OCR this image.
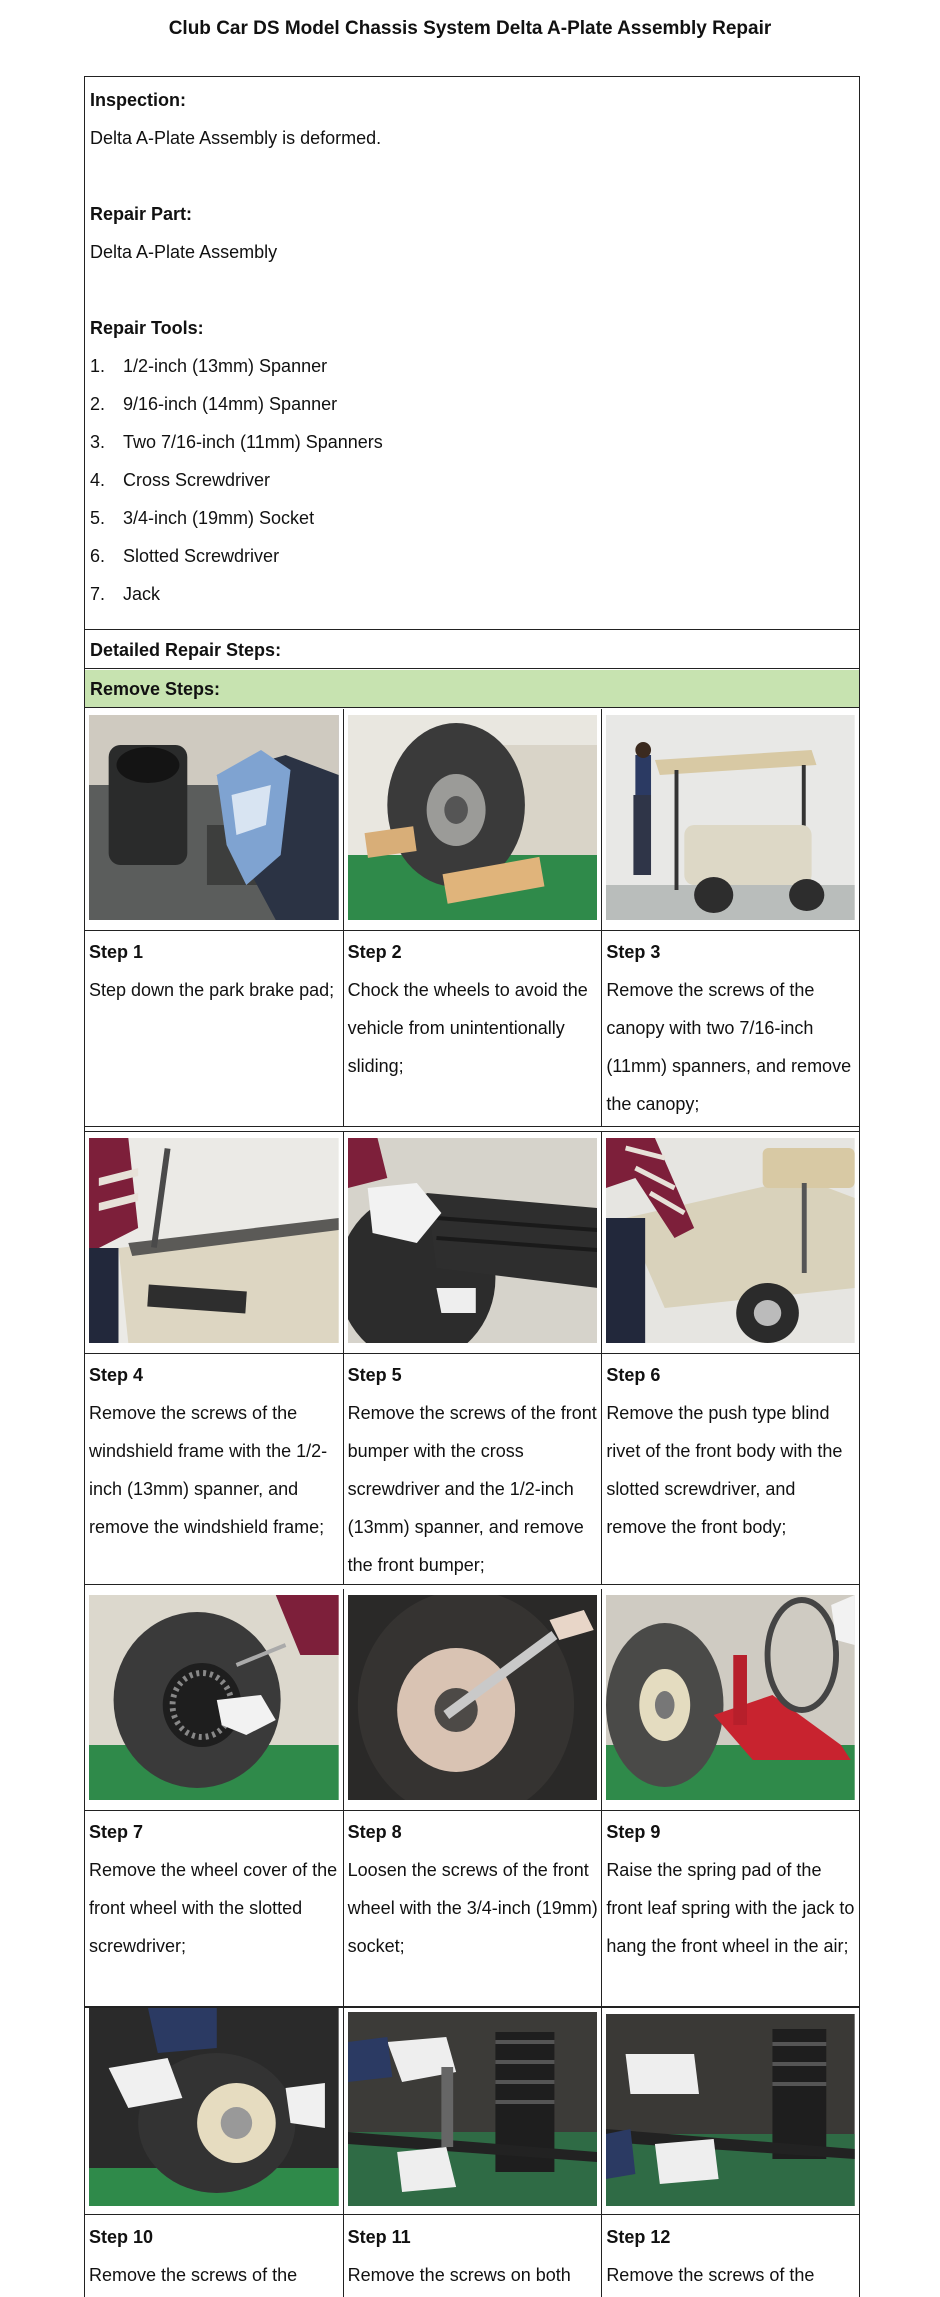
Club Car DS Model Chassis System Delta A-Plate Assembly Repair
Inspection:
Delta A-Plate Assembly is deformed.
Repair Part:
Delta A-Plate Assembly
Repair Tools:
1. 1/2-inch (13mm) Spanner
2. 9/16-inch (14mm) Spanner
3. Two 7/16-inch (11mm) Spanners
4. Cross Screwdriver
5. 3/4-inch (19mm) Socket
6. Slotted Screwdriver
7. Jack
Detailed Repair Steps:
Remove Steps:
Step 1
Step down the park brake pad;
Step 2
Chock the wheels to avoid the vehicle from unintentionally sliding;
Step 3
Remove the screws of the canopy with two 7/16-inch (11mm) spanners, and remove the canopy;
Step 4
Remove the screws of the windshield frame with the 1/2-inch (13mm) spanner, and remove the windshield frame;
Step 5
Remove the screws of the front bumper with the cross screwdriver and the 1/2-inch (13mm) spanner, and remove the front bumper;
Step 6
Remove the push type blind rivet of the front body with the slotted screwdriver, and remove the front body;
Step 7
Remove the wheel cover of the front wheel with the slotted screwdriver;
Step 8
Loosen the screws of the front wheel with the 3/4-inch (19mm) socket;
Step 9
Raise the spring pad of the front leaf spring with the jack to hang the front wheel in the air;
Step 10
Remove the screws of the
Step 11
Remove the screws on both
Step 12
Remove the screws of the
